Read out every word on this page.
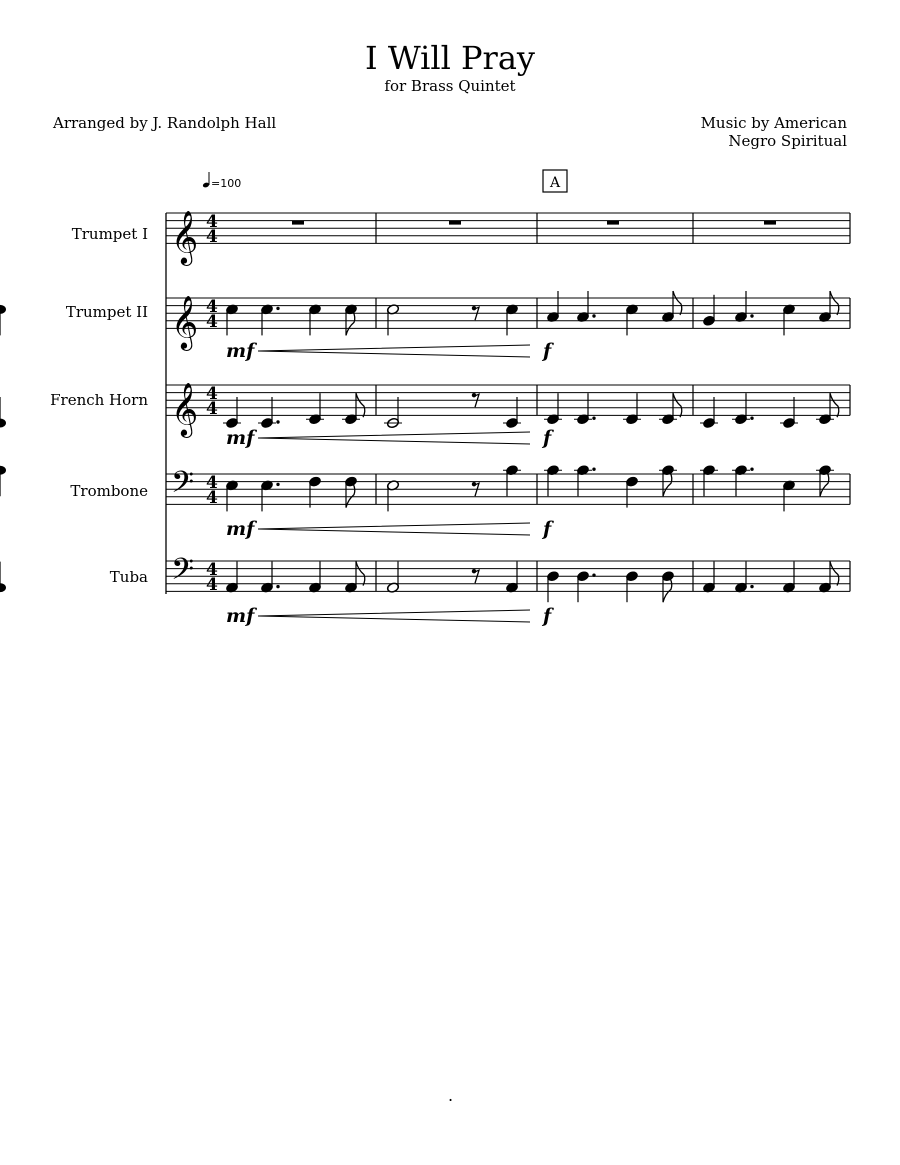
I Will Pray
for Brass Quintet
Arranged by J. Randolph Hall	Music by American
Negro Spiritual
=100	A
Trumpet I
Trumpet II
French Horn
Trombone
Tuba
𝄞 4
4
𝄞 4
4
𝄞 4
4
𝄢 4
4
𝄢 4
4
mf	f
mf	f
mf	f
mf	f
.
